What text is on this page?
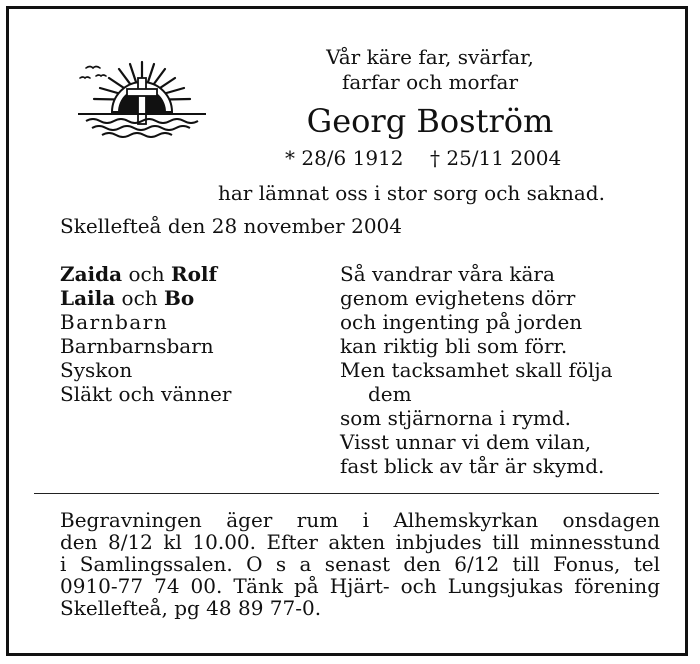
Vår käre far, svärfar,
farfar och morfar
Georg Boström
* 28/6 1912 † 25/11 2004
har lämnat oss i stor sorg och saknad.
Skellefteå den 28 november 2004
Zaida och Rolf
Laila och Bo
Barnbarn
Barnbarnsbarn
Syskon
Släkt och vänner
Så vandrar våra kära
genom evighetens dörr
och ingenting på jorden
kan riktig bli som förr.
Men tacksamhet skall följa
dem
som stjärnorna i rymd.
Visst unnar vi dem vilan,
fast blick av tår är skymd.
Begravningen äger rum i Alhemskyrkan onsdagen
den 8/12 kl 10.00. Efter akten inbjudes till minnesstund
i Samlingssalen. O s a senast den 6/12 till Fonus, tel
0910-77 74 00. Tänk på Hjärt- och Lungsjukas förening
Skellefteå, pg 48 89 77-0.
